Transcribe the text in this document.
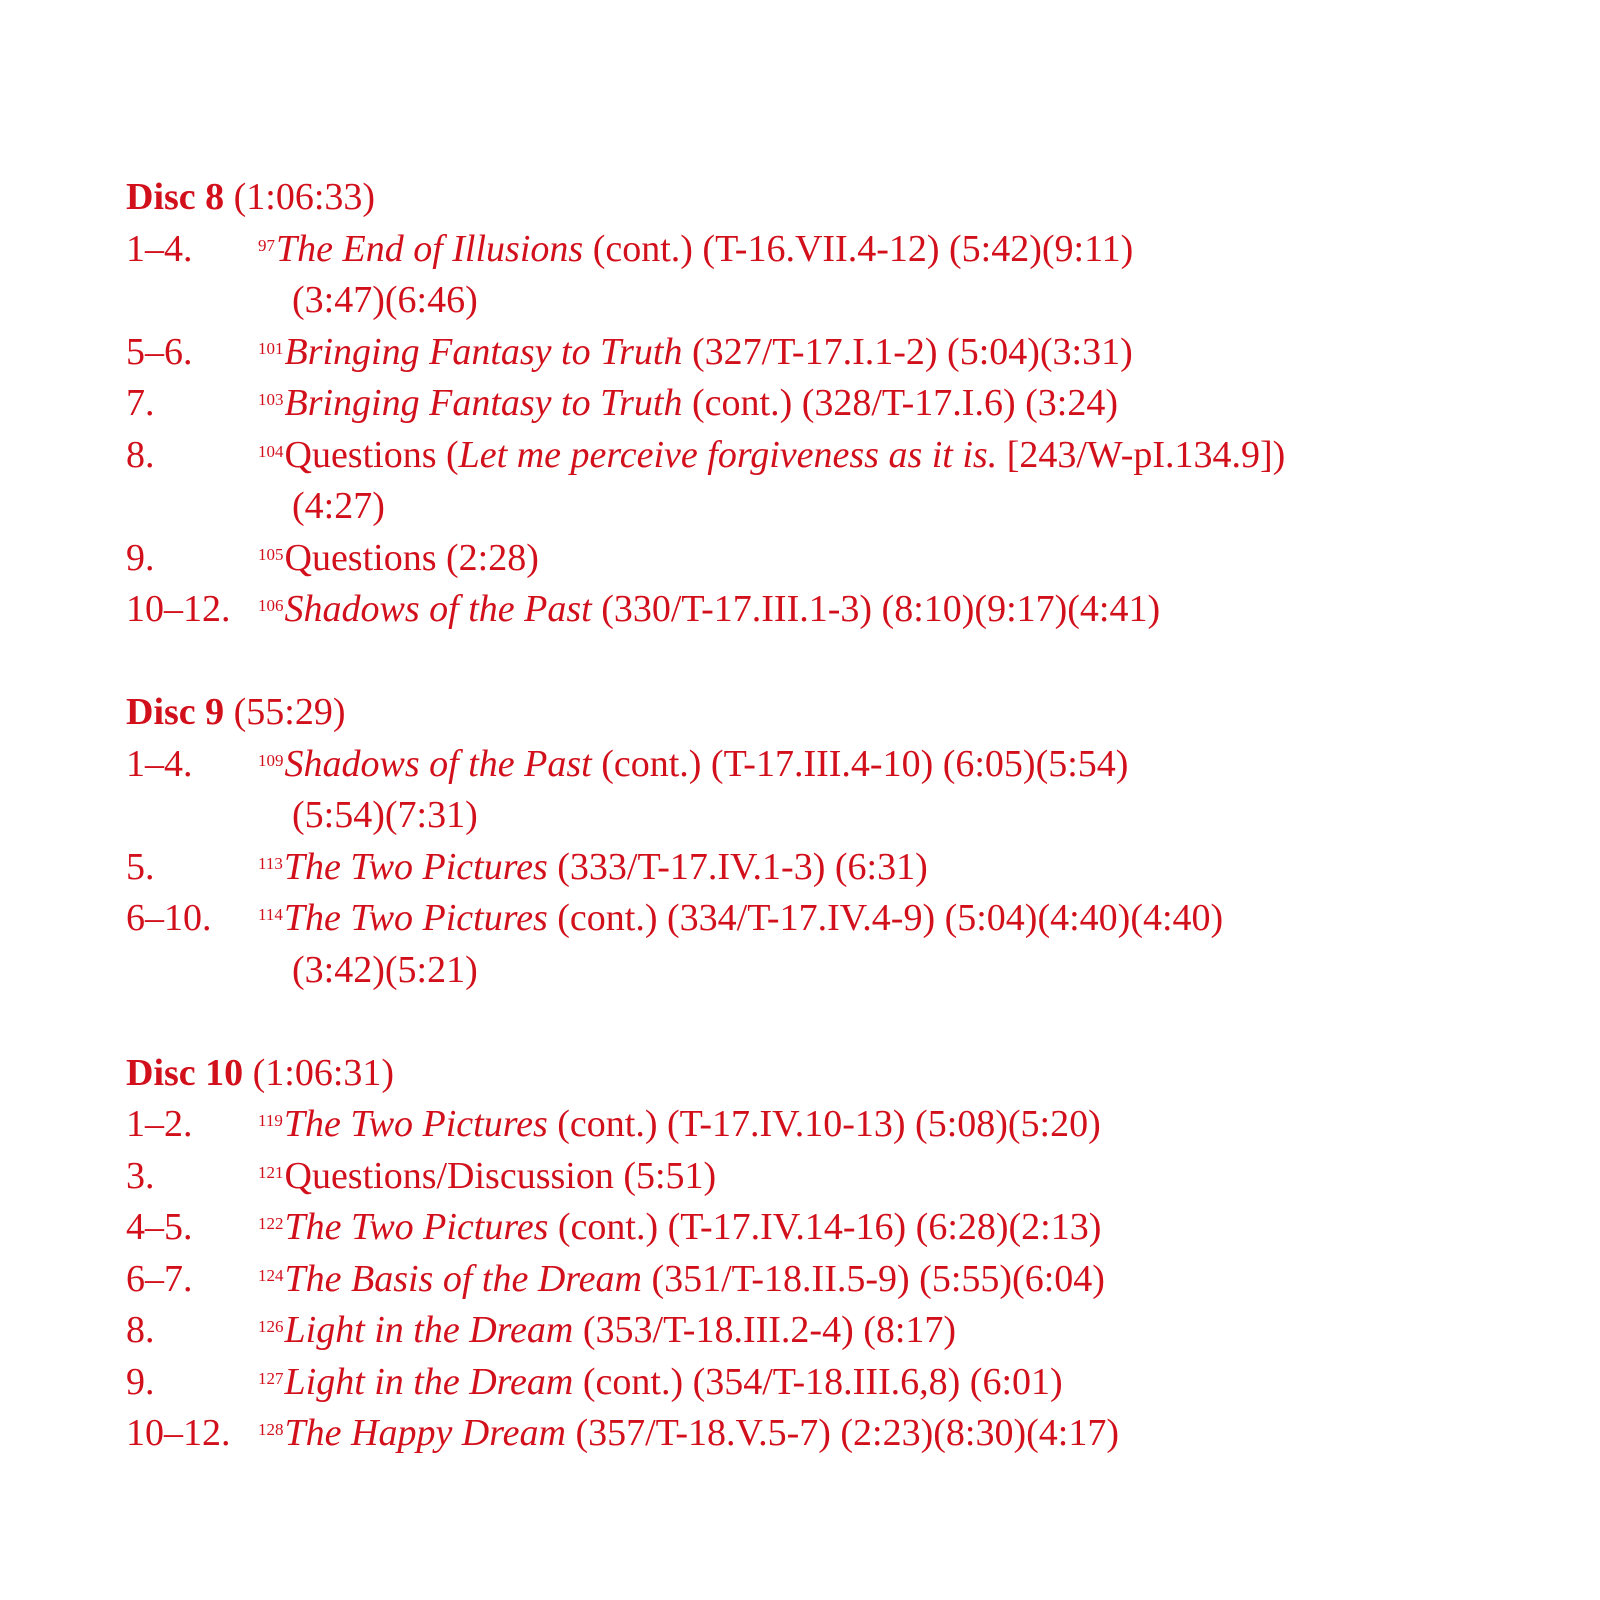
Disc 8 (1:06:33)

1–4.	$^{97}$The End of Illusions (cont.) (T-16.VII.4-12) (5:42)(9:11)
(3:47)(6:46)
5–6.	$^{101}$Bringing Fantasy to Truth (327/T-17.I.1-2) (5:04)(3:31)
7.	$^{103}$Bringing Fantasy to Truth (cont.) (328/T-17.I.6) (3:24)
8.	$^{104}$Questions (Let me perceive forgiveness as it is. [243/W-pI.134.9])
(4:27)
9.	$^{105}$Questions (2:28)
10–12. $^{106}$Shadows of the Past (330/T-17.III.1-3) (8:10)(9:17)(4:41)

Disc 9 (55:29)

1–4.	$^{109}$Shadows of the Past (cont.) (T-17.III.4-10) (6:05)(5:54)
(5:54)(7:31)
5.	$^{113}$The Two Pictures (333/T-17.IV.1-3) (6:31)
6–10.	$^{114}$The Two Pictures (cont.) (334/T-17.IV.4-9) (5:04)(4:40)(4:40)
(3:42)(5:21)

Disc 10 (1:06:31)

1–2.	$^{119}$The Two Pictures (cont.) (T-17.IV.10-13) (5:08)(5:20)
3.	$^{121}$Questions/Discussion (5:51)
4–5.	$^{122}$The Two Pictures (cont.) (T-17.IV.14-16) (6:28)(2:13)
6–7.	$^{124}$The Basis of the Dream (351/T-18.II.5-9) (5:55)(6:04)
8.	$^{126}$Light in the Dream (353/T-18.III.2-4) (8:17)
9.	$^{127}$Light in the Dream (cont.) (354/T-18.III.6,8) (6:01)
10–12. $^{128}$The Happy Dream (357/T-18.V.5-7) (2:23)(8:30)(4:17)
